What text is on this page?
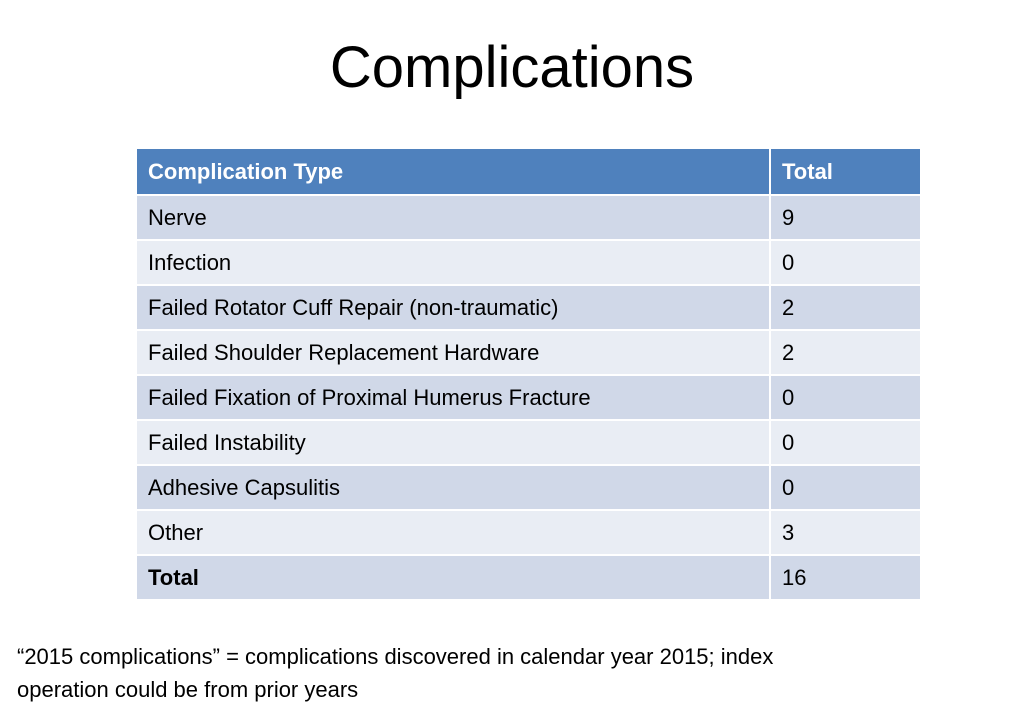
Complications
Complication Type	Total
Nerve	9
Infection	0
Failed Rotator Cuff Repair (non-traumatic)	2
Failed Shoulder Replacement Hardware	2
Failed Fixation of Proximal Humerus Fracture	0
Failed Instability	0
Adhesive Capsulitis	0
Other	3
Total	16

“2015 complications” = complications discovered in calendar year 2015; index
operation could be from prior years
